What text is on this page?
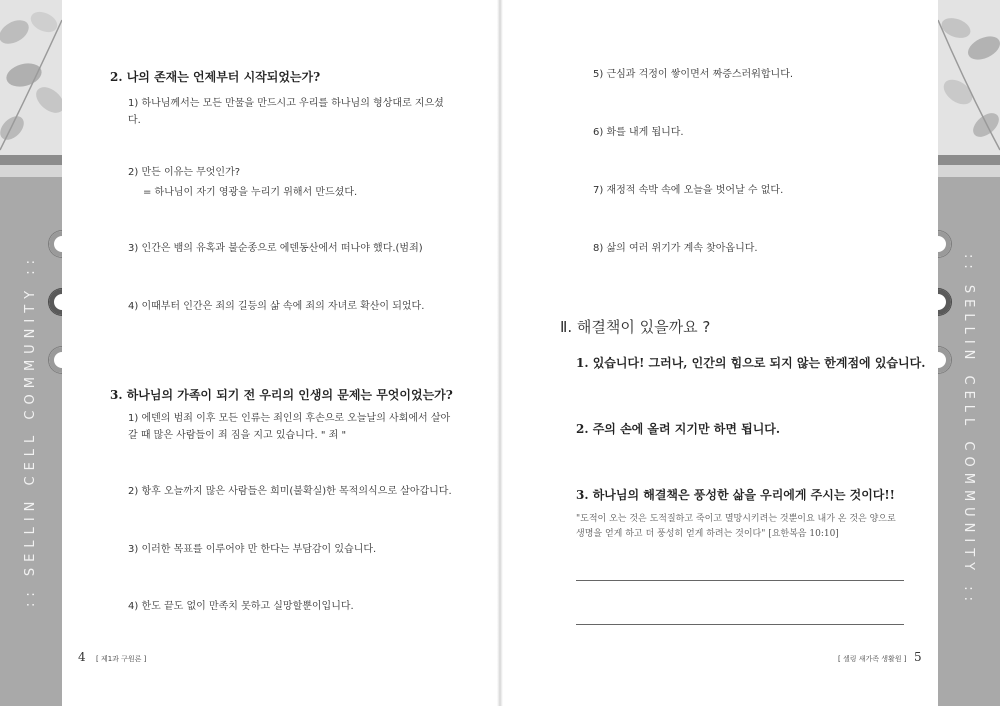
:: SELLIN CELL COMMUNITY ::	:: SELLIN CELL COMMUNITY ::
2. 나의 존재는 언제부터 시작되었는가?
1) 하나님께서는 모든 만물을 만드시고 우리를 하나님의 형상대로 지으셨다.
2) 만든 이유는 무엇인가?
= 하나님이 자기 영광을 누리기 위해서 만드셨다.
3) 인간은 뱀의 유혹과 불순종으로 에덴동산에서 떠나야 했다.(범죄)
4) 이때부터 인간은 죄의 길등의 삶 속에 죄의 자녀로 확산이 되었다.
3. 하나님의 가족이 되기 전 우리의 인생의 문제는 무엇이었는가?
1) 에덴의 범죄 이후 모든 인류는 죄인의 후손으로 오늘날의 사회에서 살아갈 때 많은 사람들이 죄 짐을 지고 있습니다. " 죄 "
2) 항후 오늘까지 많은 사람들은 희미(불확실)한 목적의식으로 살아갑니다.
3) 이러한 목표를 이루어야 만 한다는 부담감이 있습니다.
4) 한도 끝도 없이 만족치 못하고 실망할뿐이입니다.
4 [ 제1과 구원론 ]
5) 근심과 걱정이 쌓이면서 짜증스러워합니다.
6) 화를 내게 됩니다.
7) 재정적 속박 속에 오늘을 벗어날 수 없다.
8) 삶의 여러 위기가 계속 찾아옵니다.
Ⅱ. 해결책이 있을까요 ?
1. 있습니다! 그러나, 인간의 힘으로 되지 않는 한계점에 있습니다.
2. 주의 손에 올려 지기만 하면 됩니다.
3. 하나님의 해결책은 풍성한 삶을 우리에게 주시는 것이다!!
"도적이 오는 것은 도적질하고 죽이고 멸망시키려는 것뿐이요 내가 온 것은 양으로 생명을 얻게 하고 더 풍성히 얻게 하려는 것이다" [요한복음 10:10]
[ 셀링 새가족 생활원 ] 5
